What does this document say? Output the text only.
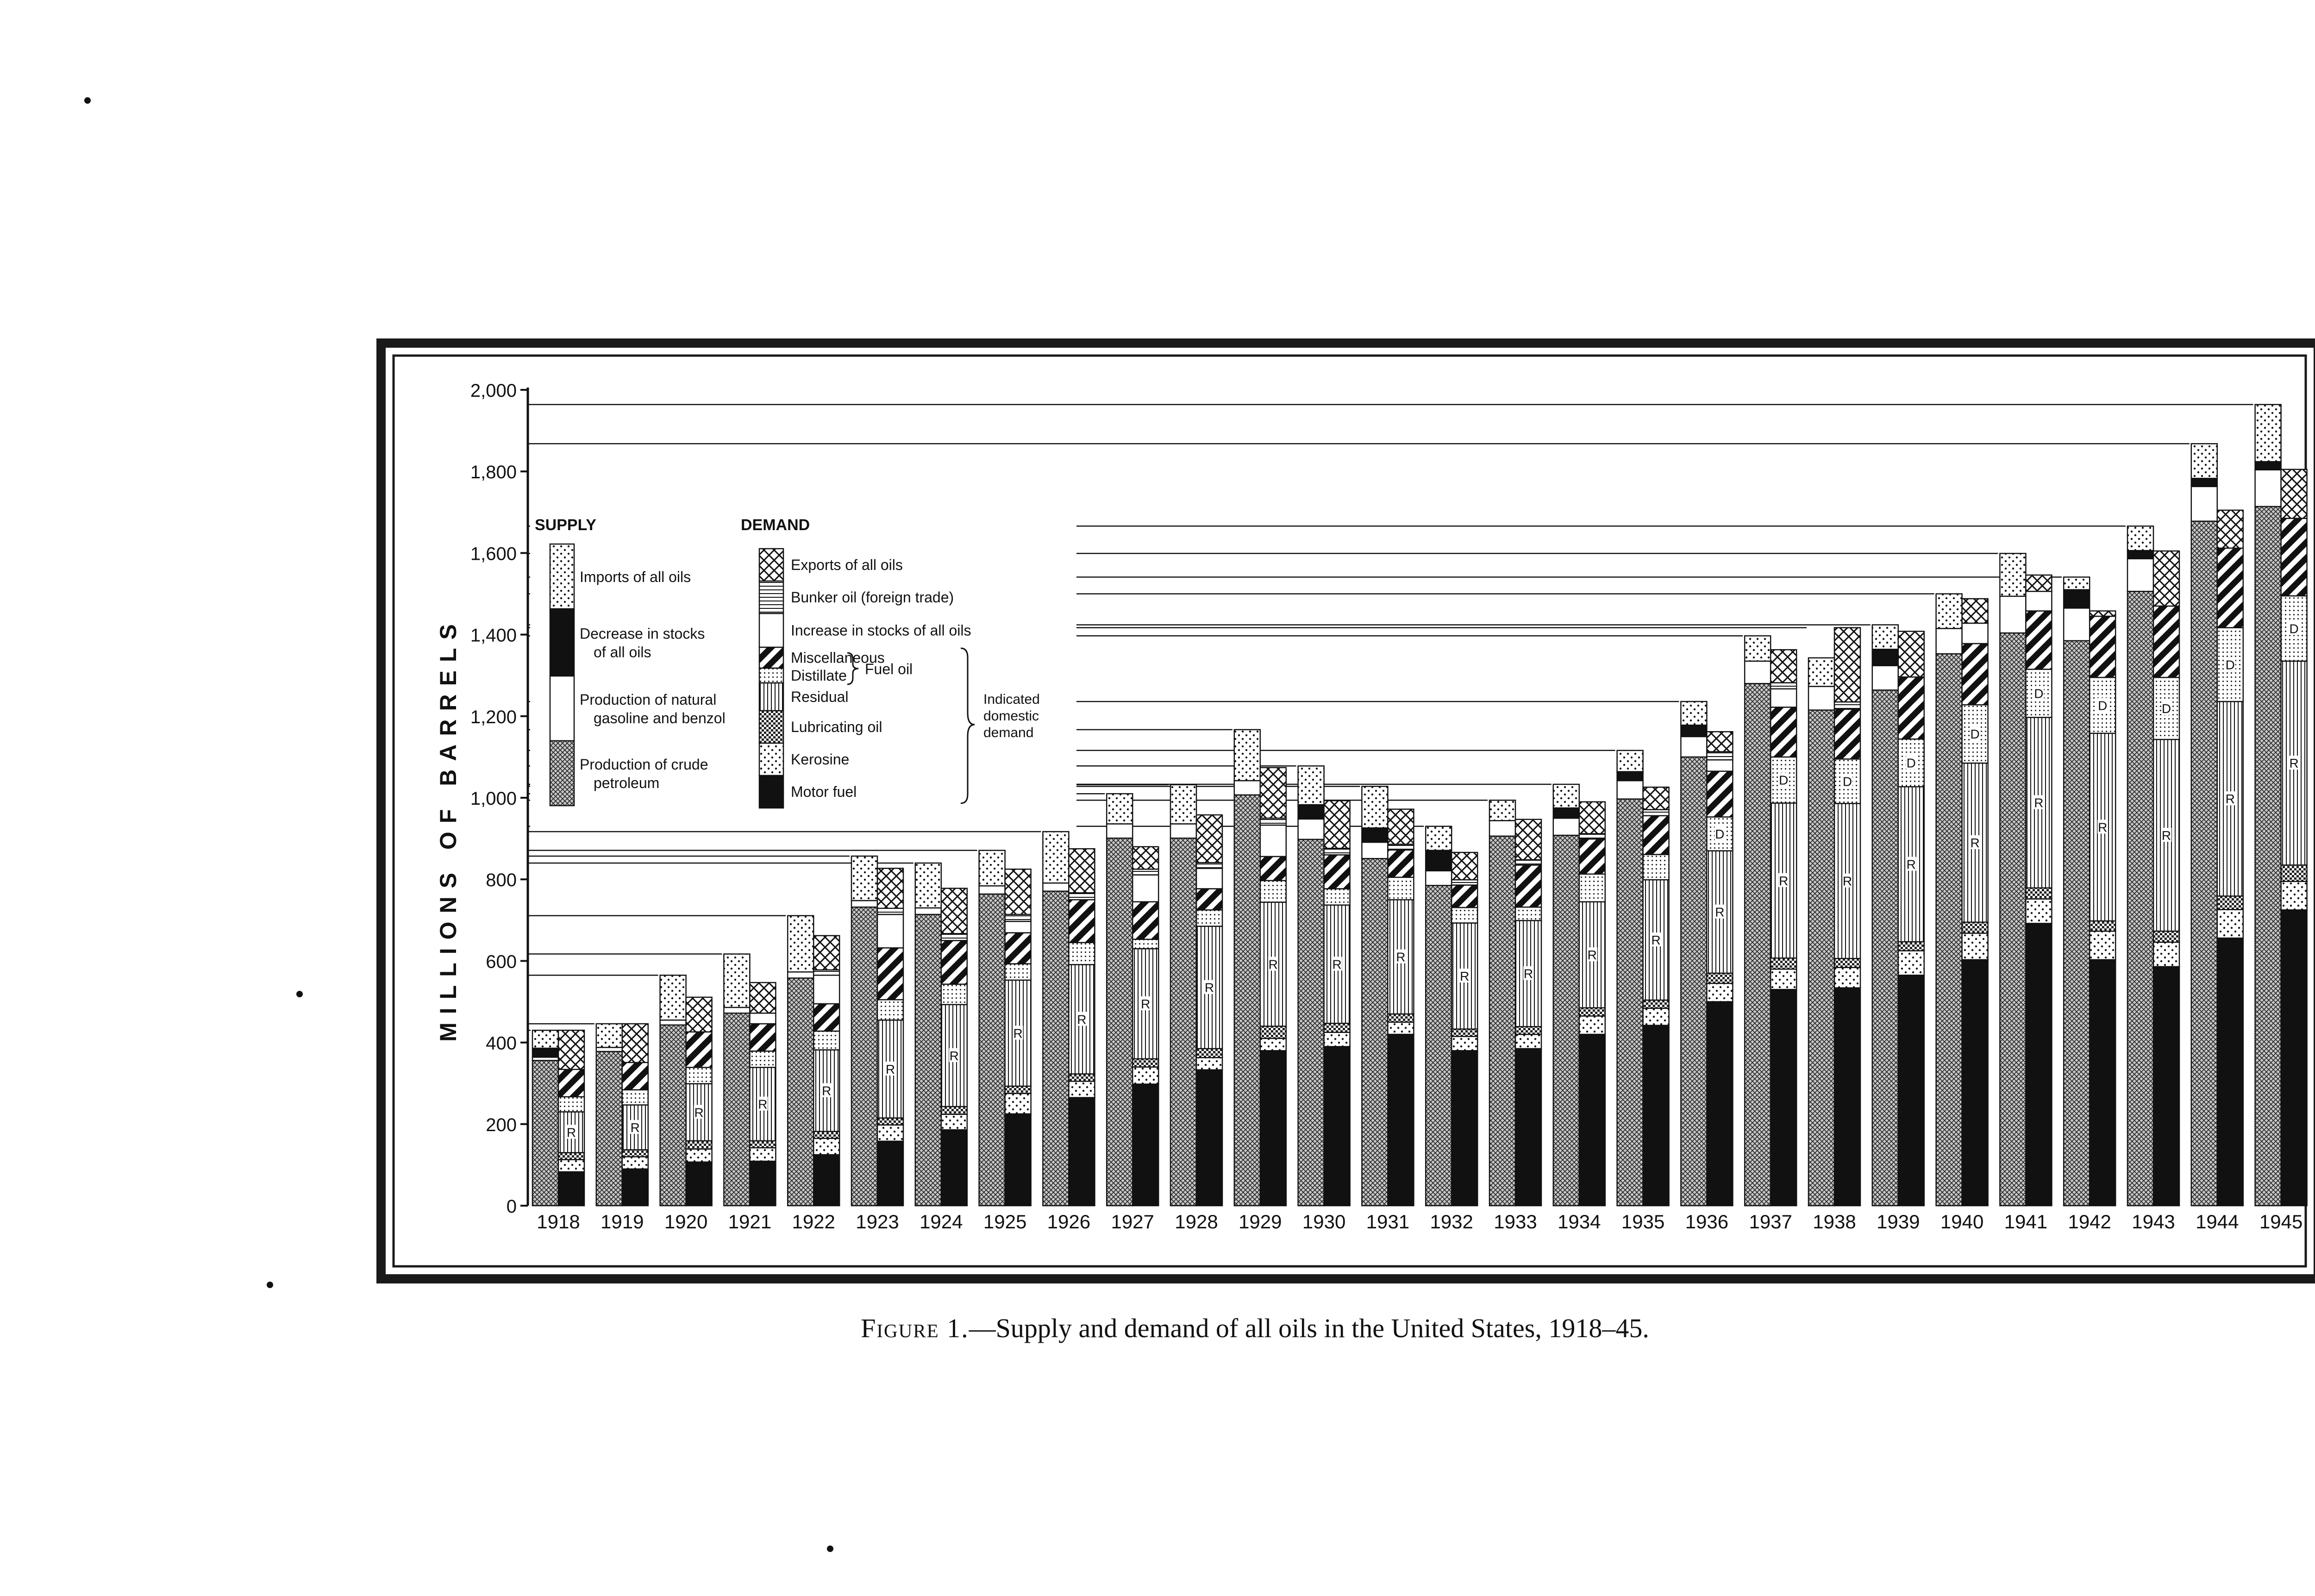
0
200
400
600
800
1,000
1,200
1,400
1,600
1,800
2,000
R	R
R
R
R
R
R
R
R
R
R
R	R
R
R	R
R
R
R
D
R
D
R
D
R
D
R
D
R
D
R
D
R
D
R
D
R
D
1918 1919 1920 1921 1922 1923 1924 1925 1926 1927 1928 1929 1930 1931 1932 1933 1934 1935 1936 1937 1938 1939 1940 1941 1942 1943 1944 1945
SUPPLY	DEMAND
Imports of all oils
Decrease in stocks
of all oils
Production of natural
gasoline and benzol
Production of crude
petroleum
Exports of all oils
Bunker oil (foreign trade)
Increase in stocks of all oils
Miscellaneous
Distillate
Residual
Lubricating oil
Kerosine
Motor fuel
Fuel oil
Indicated
domestic
demand
MILLIONS OF BARRELS
Figure 1.—Supply and demand of all oils in the United States, 1918–45.
